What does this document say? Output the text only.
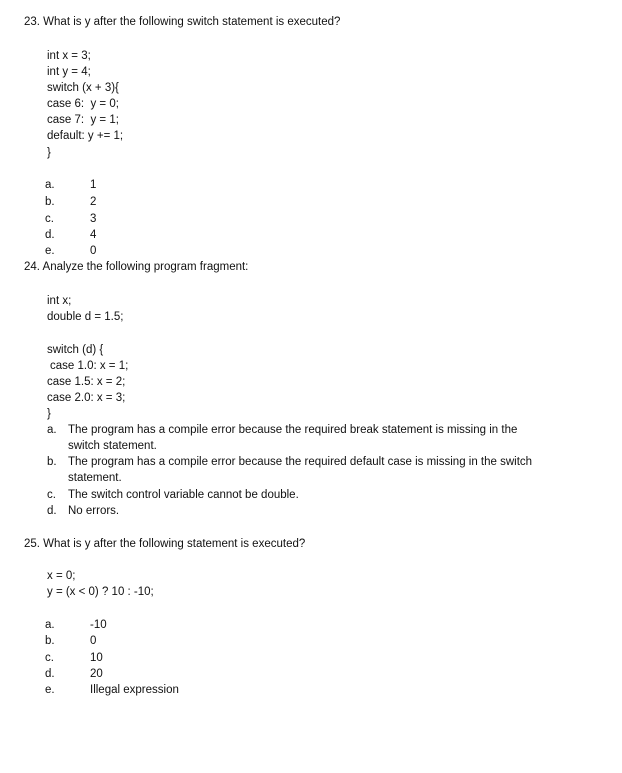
23. What is y after the following switch statement is executed?
int x = 3;
int y = 4;
switch (x + 3){
case 6:  y = 0;
case 7:  y = 1;
default: y += 1;
}
a.	1
b.	2
c.	3
d.	4
e.	0
24. Analyze the following program fragment:
int x;
double d = 1.5;
switch (d) {
case 1.0: x = 1;
case 1.5: x = 2;
case 2.0: x = 3;
}
a. The program has a compile error because the required break statement is missing in the
switch statement.
b. The program has a compile error because the required default case is missing in the switch
statement.
c. The switch control variable cannot be double.
d. No errors.
25. What is y after the following statement is executed?
x = 0;
y = (x < 0) ? 10 : -10;
a.	-10
b.	0
c.	10
d.	20
e.	Illegal expression
